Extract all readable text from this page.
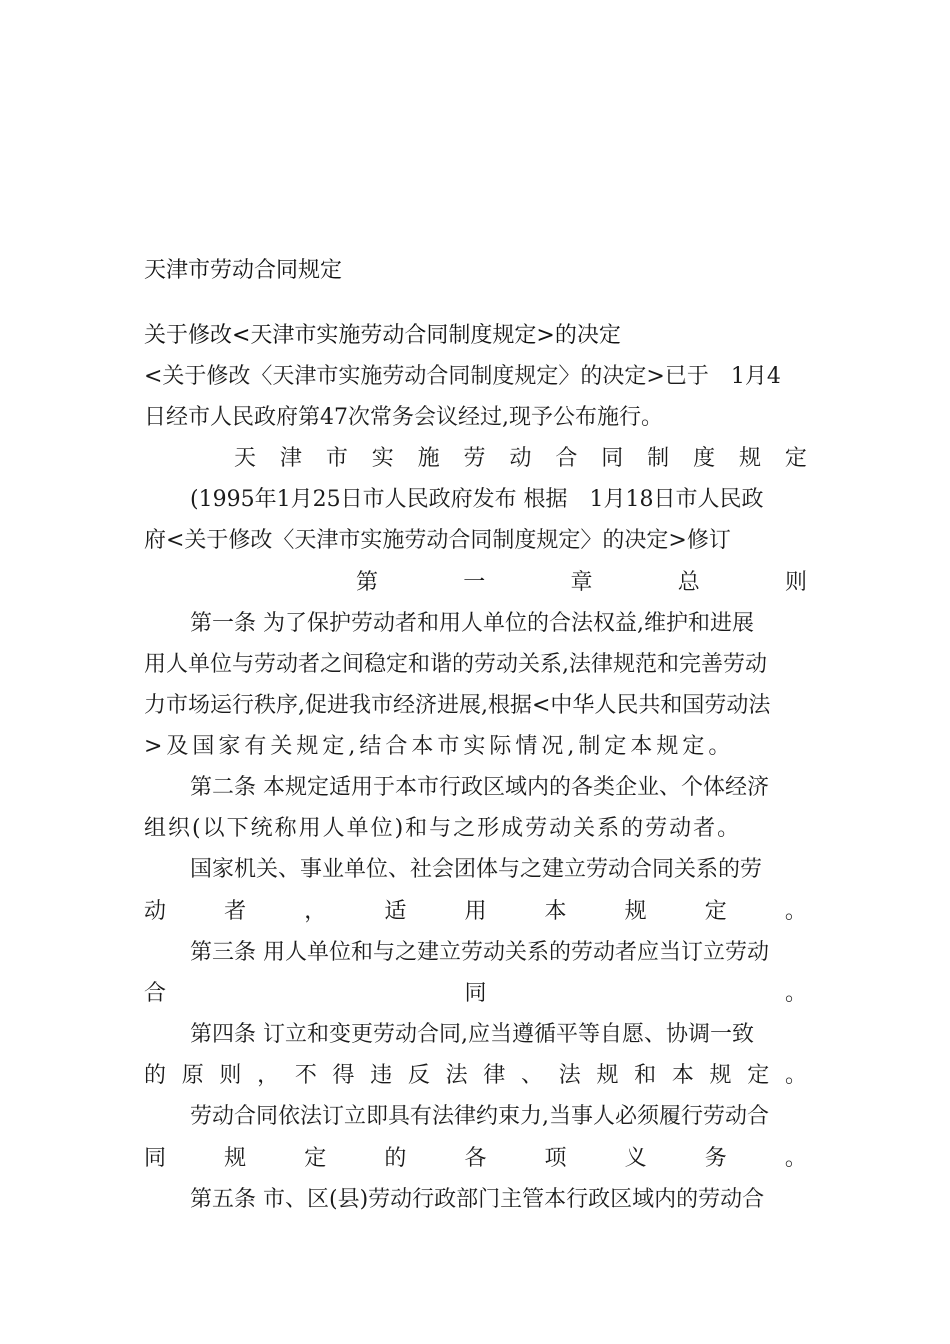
天津市劳动合同规定
关于修改<天津市实施劳动合同制度规定>的决定
<关于修改〈天津市实施劳动合同制度规定〉的决定>已于　1月4
日经市人民政府第47次常务会议经过,现予公布施行。
天 津 市 实 施 劳 动 合 同 制 度 规 定
(1995年1月25日市人民政府发布 根据　1月18日市人民政
府<关于修改〈天津市实施劳动合同制度规定〉的决定>修订
第	一	章	总	则
第一条 为了保护劳动者和用人单位的合法权益,维护和进展
用人单位与劳动者之间稳定和谐的劳动关系,法律规范和完善劳动
力市场运行秩序,促进我市经济进展,根据<中华人民共和国劳动法
>及国家有关规定,结合本市实际情况,制定本规定。
第二条 本规定适用于本市行政区域内的各类企业、个体经济
组织(以下统称用人单位)和与之形成劳动关系的劳动者。
国家机关、事业单位、社会团体与之建立劳动合同关系的劳
动	者	，	适	用	本	规	定	。
第三条 用人单位和与之建立劳动关系的劳动者应当订立劳动
合	同	。
第四条 订立和变更劳动合同,应当遵循平等自愿、协调一致
的 原 则 ， 不 得 违 反 法 律 、 法 规 和 本 规 定 。
劳动合同依法订立即具有法律约束力,当事人必须履行劳动合
同	规	定	的	各	项	义	务	。
第五条 市、区(县)劳动行政部门主管本行政区域内的劳动合
